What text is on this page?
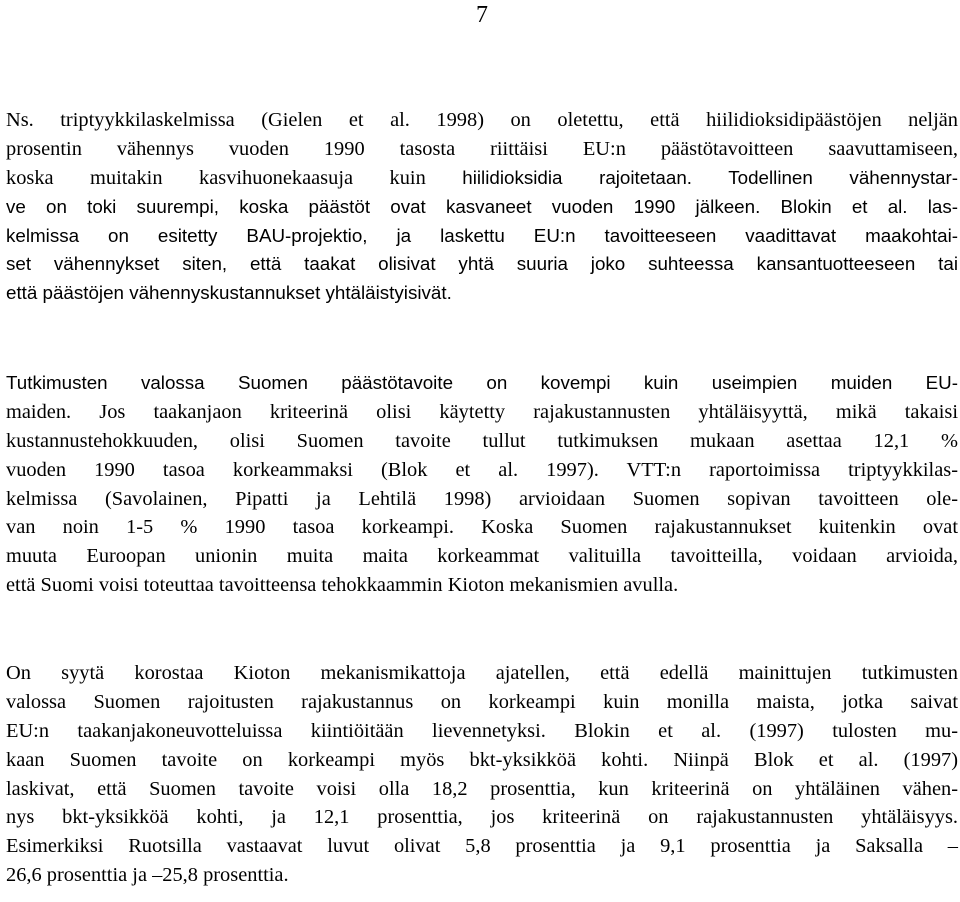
7
Ns. triptyykkilaskelmissa (Gielen et al. 1998) on oletettu, että hiilidioksidipäästöjen neljän
prosentin vähennys vuoden 1990 tasosta riittäisi EU:n päästötavoitteen saavuttamiseen,
koska muitakin kasvihuonekaasuja kuin hiilidioksidia rajoitetaan. Todellinen vähennystar-
ve on toki suurempi, koska päästöt ovat kasvaneet vuoden 1990 jälkeen. Blokin et al. las-
kelmissa on esitetty BAU-projektio, ja laskettu EU:n tavoitteeseen vaadittavat maakohtai-
set vähennykset siten, että taakat olisivat yhtä suuria joko suhteessa kansantuotteeseen tai
että päästöjen vähennyskustannukset yhtäläistyisivät.
Tutkimusten valossa Suomen päästötavoite on kovempi kuin useimpien muiden EU-
maiden. Jos taakanjaon kriteerinä olisi käytetty rajakustannusten yhtäläisyyttä, mikä takaisi
kustannustehokkuuden, olisi Suomen tavoite tullut tutkimuksen mukaan asettaa 12,1 %
vuoden 1990 tasoa korkeammaksi (Blok et al. 1997). VTT:n raportoimissa triptyykkilas-
kelmissa (Savolainen, Pipatti ja Lehtilä 1998) arvioidaan Suomen sopivan tavoitteen ole-
van noin 1-5 % 1990 tasoa korkeampi. Koska Suomen rajakustannukset kuitenkin ovat
muuta Euroopan unionin muita maita korkeammat valituilla tavoitteilla, voidaan arvioida,
että Suomi voisi toteuttaa tavoitteensa tehokkaammin Kioton mekanismien avulla.
On syytä korostaa Kioton mekanismikattoja ajatellen, että edellä mainittujen tutkimusten
valossa Suomen rajoitusten rajakustannus on korkeampi kuin monilla maista, jotka saivat
EU:n taakanjakoneuvotteluissa kiintiöitään lievennetyksi. Blokin et al. (1997) tulosten mu-
kaan Suomen tavoite on korkeampi myös bkt-yksikköä kohti. Niinpä Blok et al. (1997)
laskivat, että Suomen tavoite voisi olla 18,2 prosenttia, kun kriteerinä on yhtäläinen vähen-
nys bkt-yksikköä kohti, ja 12,1 prosenttia, jos kriteerinä on rajakustannusten yhtäläisyys.
Esimerkiksi Ruotsilla vastaavat luvut olivat 5,8 prosenttia ja 9,1 prosenttia ja Saksalla –
26,6 prosenttia ja –25,8 prosenttia.
